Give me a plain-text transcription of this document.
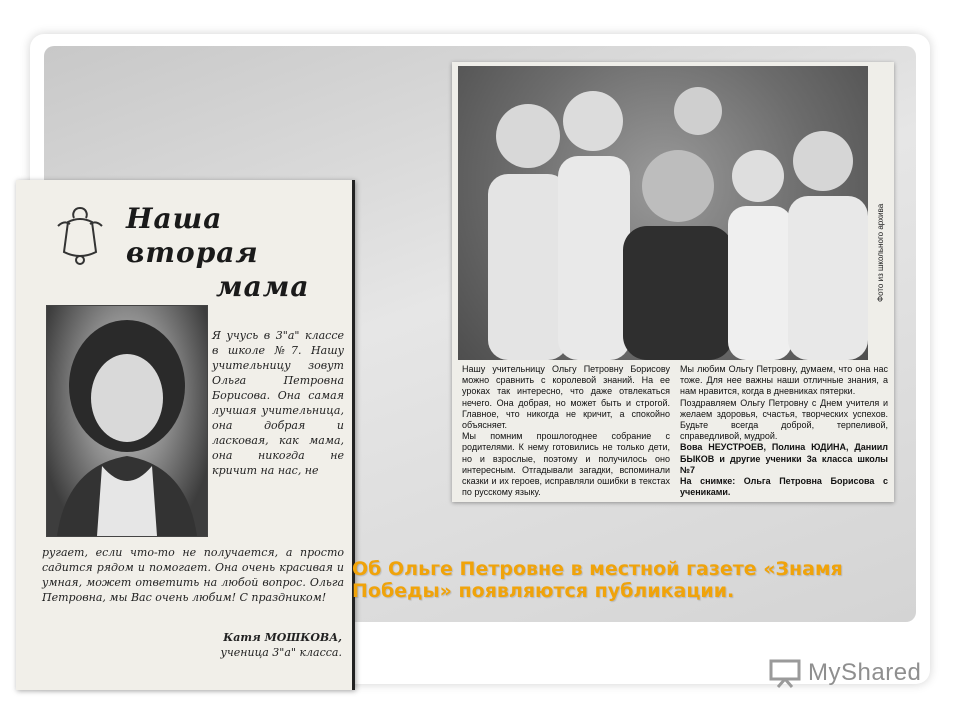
Фото из школьного архива

Нашу учительницу Ольгу Петровну Борисову можно сравнить с королевой знаний. На ее уроках так интересно, что даже отвлекаться нечего. Она добрая, но может быть и строгой. Главное, что никогда не кричит, а спокойно объясняет.

Мы помним прошлогоднее собрание с родителями. К нему готовились не только дети, но и взрослые, поэтому и получилось оно интересным. Отгадывали загадки, вспоминали сказки и их героев, исправляли ошибки в текстах по русскому языку.

Мы любим Ольгу Петровну, думаем, что она нас тоже. Для нее важны наши отличные знания, а нам нравится, когда в дневниках пятерки.

Поздравляем Ольгу Петровну с Днем учителя и желаем здоровья, счастья, творческих успехов. Будьте всегда доброй, терпеливой, справедливой, мудрой.

Вова НЕУСТРОЕВ, Полина ЮДИНА, Даниил БЫКОВ и другие ученики 3а класса школы №7

На снимке: Ольга Петровна Борисова с учениками.

Наша
вторая
мама

Я учусь в 3"а" классе в школе №7. Нашу учительницу зовут Ольга Петровна Борисова. Она самая лучшая учительница, она добрая и ласковая, как мама, она никогда не кричит на нас, не

ругает, если что-то не получается, а просто садится рядом и помогает. Она очень красивая и умная, может ответить на любой вопрос. Ольга Петровна, мы Вас очень любим! С праздником!

Катя МОШКОВА,
ученица 3"а" класса.
Об Ольге Петровне в местной газете «Знамя Победы» появляются публикации.
MyShared
